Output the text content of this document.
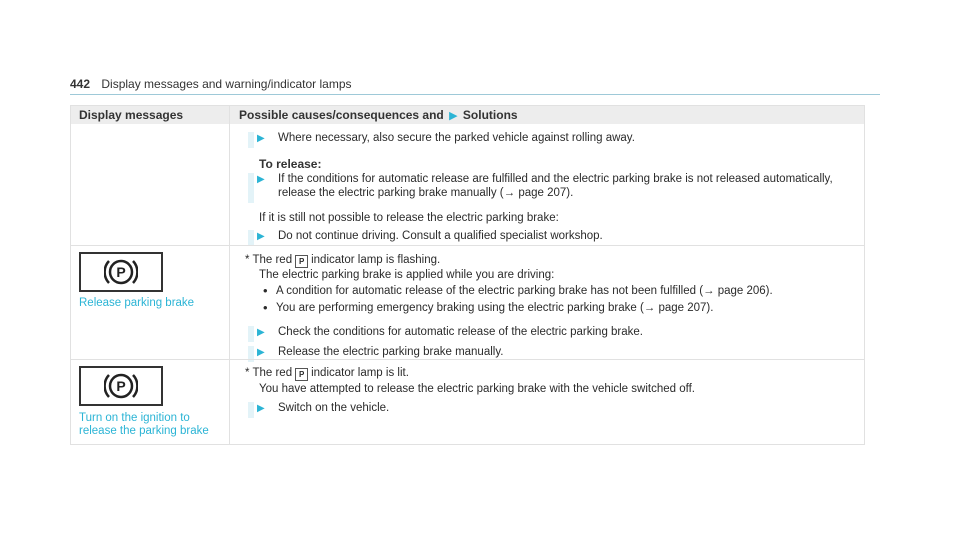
442 Display messages and warning/indicator lamps
Display messages	Possible causes/consequences and ▶ Solutions
▶ Where necessary, also secure the parked vehicle against rolling away.
To release:
▶ If the conditions for automatic release are fulfilled and the electric parking brake is not released automatically,
release the electric parking brake manually (→ page 207).
If it is still not possible to release the electric parking brake:
▶ Do not continue driving. Consult a qualified specialist workshop.
P
Release parking brake
* The red P indicator lamp is flashing.
The electric parking brake is applied while you are driving:
• A condition for automatic release of the electric parking brake has not been fulfilled (→ page 206).
• You are performing emergency braking using the electric parking brake (→ page 207).
▶ Check the conditions for automatic release of the electric parking brake.
▶ Release the electric parking brake manually.
P
Turn on the ignition to
release the parking brake
* The red P indicator lamp is lit.
You have attempted to release the electric parking brake with the vehicle switched off.
▶ Switch on the vehicle.
